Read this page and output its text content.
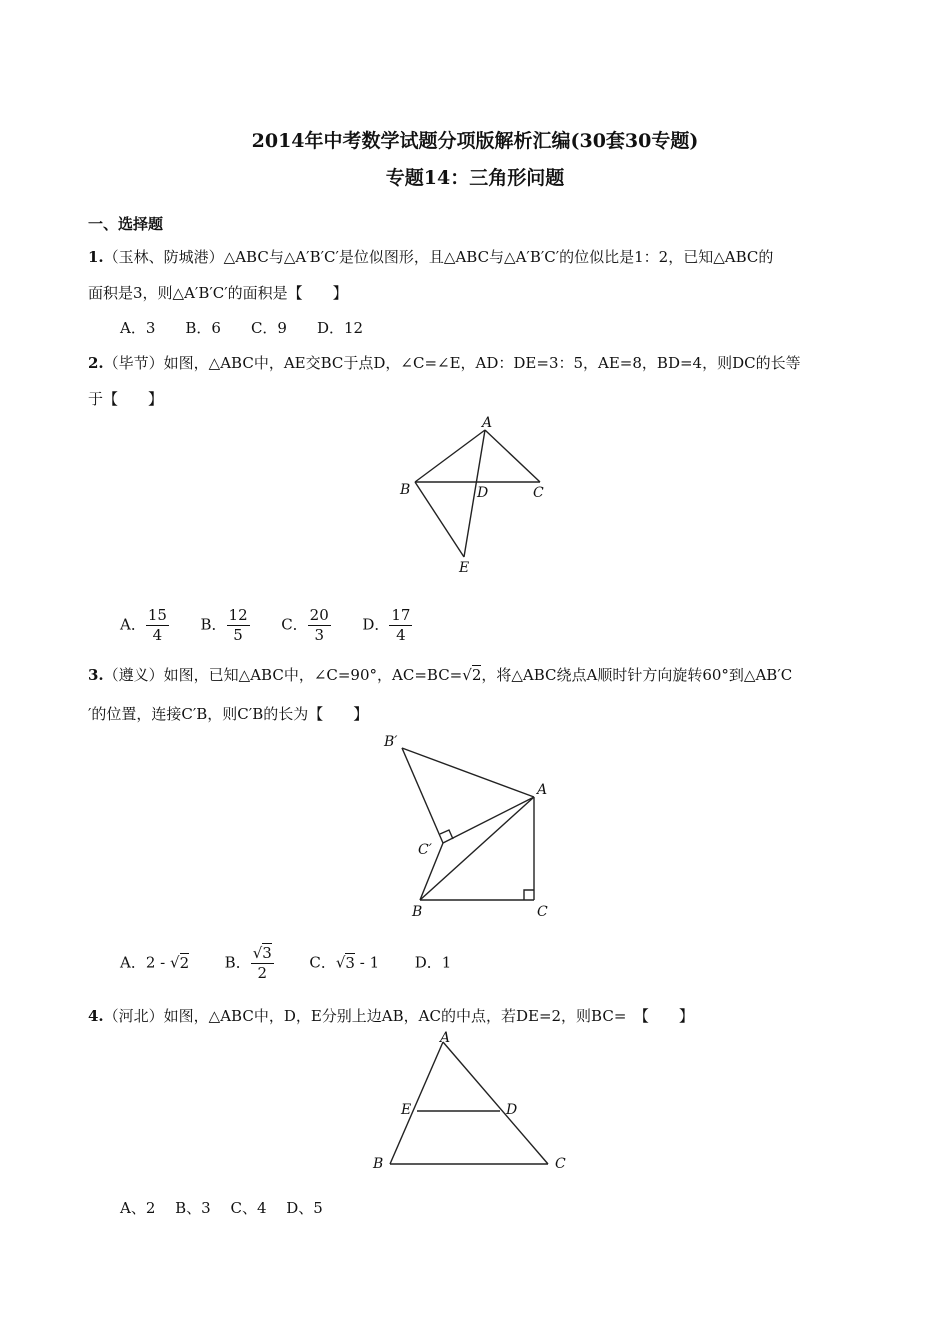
2014年中考数学试题分项版解析汇编(30套30专题)
专题14：三角形问题
一、选择题
1.（玉林、防城港）△ABC与△A′B′C′是位似图形，且△ABC与△A′B′C′的位似比是1：2，已知△ABC的
面积是3，则△A′B′C′的面积是【　　】
A．3　　B．6　　C．9　　D．12
2.（毕节）如图，△ABC中，AE交BC于点D，∠C=∠E，AD：DE=3：5，AE=8，BD=4，则DC的长等
于【　　】
A
B	C
D
E
A． $\frac{15}{4}$ B． $\frac{12}{5}$ C． $\frac{20}{3}$ D． $\frac{17}{4}$
3.（遵义）如图，已知△ABC中，∠C=90°，AC=BC=√2，将△ABC绕点A顺时针方向旋转60°到△AB′C
′的位置，连接C′B，则C′B的长为【　　】
B′
A
C′
B	C
A．2 - √2 B． $\frac{√3}{2}$ C．√3 - 1 D．1
4.（河北）如图，△ABC中，D，E分别上边AB，AC的中点，若DE=2，则BC=　【　　】
A
E	D
B	C
A、2　 B、3　 C、4　 D、5
